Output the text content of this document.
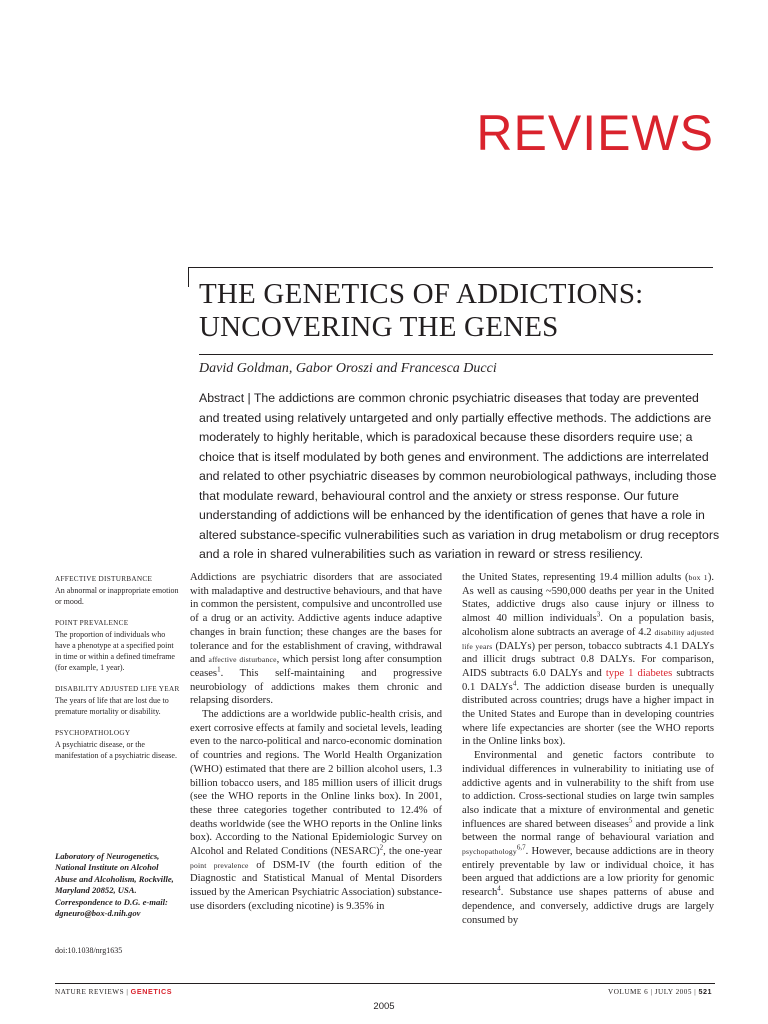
REVIEWS
THE GENETICS OF ADDICTIONS:
UNCOVERING THE GENES
David Goldman, Gabor Oroszi and Francesca Ducci
Abstract | The addictions are common chronic psychiatric diseases that today are prevented
and treated using relatively untargeted and only partially effective methods. The addictions are
moderately to highly heritable, which is paradoxical because these disorders require use; a
choice that is itself modulated by both genes and environment. The addictions are interrelated
and related to other psychiatric diseases by common neurobiological pathways, including those
that modulate reward, behavioural control and the anxiety or stress response. Our future
understanding of addictions will be enhanced by the identification of genes that have a role in
altered substance-specific vulnerabilities such as variation in drug metabolism or drug receptors
and a role in shared vulnerabilities such as variation in reward or stress resiliency.
AFFECTIVE DISTURBANCE
An abnormal or inappropriate emotion or mood.
POINT PREVALENCE
The proportion of individuals who have a phenotype at a specified point in time or within a defined timeframe (for example, 1 year).
DISABILITY ADJUSTED LIFE YEAR
The years of life that are lost due to premature mortality or disability.
PSYCHOPATHOLOGY
A psychiatric disease, or the manifestation of a psychiatric disease.
Laboratory of Neurogenetics, National Institute on Alcohol Abuse and Alcoholism, Rockville, Maryland 20852, USA. Correspondence to D.G. e-mail: dgneuro@box-d.nih.gov
doi:10.1038/nrg1635

Addictions are psychiatric disorders that are associated with maladaptive and destructive behaviours, and that have in common the persistent, compulsive and uncontrolled use of a drug or an activity. Addictive agents induce adaptive changes in brain function; these changes are the bases for tolerance and for the establishment of craving, withdrawal and affective disturbance, which persist long after consumption ceases$^1$. This self-maintaining and progressive neurobiology of addictions makes them chronic and relapsing disorders.

The addictions are a worldwide public-health crisis, and exert corrosive effects at family and societal levels, leading even to the narco-political and narco-economic domination of countries and regions. The World Health Organization (WHO) estimated that there are 2 billion alcohol users, 1.3 billion tobacco users, and 185 million users of illicit drugs (see the WHO reports in the Online links box). In 2001, these three categories together contributed to 12.4% of deaths worldwide (see the WHO reports in the Online links box). According to the National Epidemiologic Survey on Alcohol and Related Conditions (NESARC)$^2$, the one-year point prevalence of DSM-IV (the fourth edition of the Diagnostic and Statistical Manual of Mental Disorders issued by the American Psychiatric Association) substance-use disorders (excluding nicotine) is 9.35% in

the United States, representing 19.4 million adults (box 1). As well as causing ~590,000 deaths per year in the United States, addictive drugs also cause injury or illness to almost 40 million individuals$^3$. On a population basis, alcoholism alone subtracts an average of 4.2 disability adjusted life years (DALYs) per person, tobacco subtracts 4.1 DALYs and illicit drugs subtract 0.8 DALYs. For comparison, AIDS subtracts 6.0 DALYs and type 1 diabetes subtracts 0.1 DALYs$^4$. The addiction disease burden is unequally distributed across countries; drugs have a higher impact in the United States and Europe than in developing countries where life expectancies are shorter (see the WHO reports in the Online links box).

Environmental and genetic factors contribute to individual differences in vulnerability to initiating use of addictive agents and in vulnerability to the shift from use to addiction. Cross-sectional studies on large twin samples also indicate that a mixture of environmental and genetic influences are shared between diseases$^5$ and provide a link between the normal range of behavioural variation and psychopathology$^{6,7}$. However, because addictions are in theory entirely preventable by law or individual choice, it has been argued that addictions are a low priority for genomic research$^4$. Substance use shapes patterns of abuse and dependence, and conversely, addictive drugs are largely consumed by

NATURE REVIEWS | GENETICS	VOLUME 6 | JULY 2005 | 521
2005
